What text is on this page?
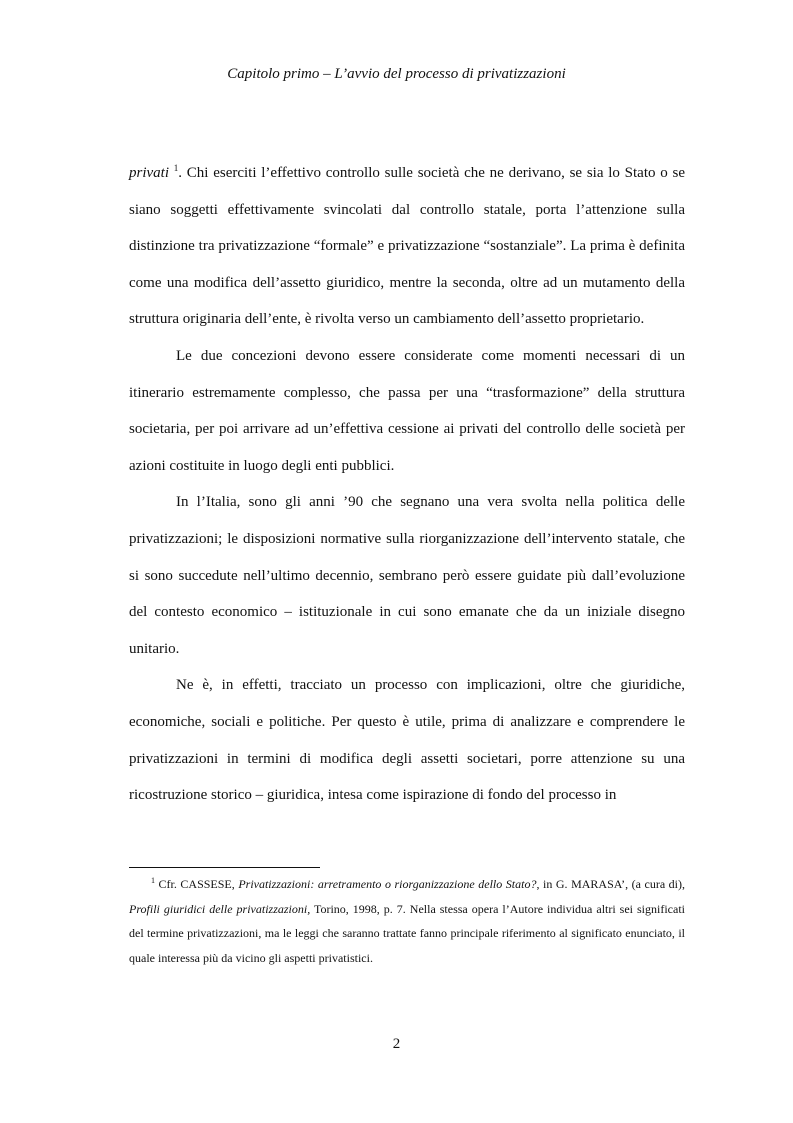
Capitolo primo – L’avvio del processo di privatizzazioni

privati $^1$. Chi eserciti l’effettivo controllo sulle società che ne derivano, se sia lo Stato o se siano soggetti effettivamente svincolati dal controllo statale, porta l’attenzione sulla distinzione tra privatizzazione “formale” e privatizzazione “sostanziale”. La prima è definita come una modifica dell’assetto giuridico, mentre la seconda, oltre ad un mutamento della struttura originaria dell’ente, è rivolta verso un cambiamento dell’assetto proprietario.

Le due concezioni devono essere considerate come momenti necessari di un itinerario estremamente complesso, che passa per una “trasformazione” della struttura societaria, per poi arrivare ad un’effettiva cessione ai privati del controllo delle società per azioni costituite in luogo degli enti pubblici.

In l’Italia, sono gli anni ’90 che segnano una vera svolta nella politica delle privatizzazioni; le disposizioni normative sulla riorganizzazione dell’intervento statale, che si sono succedute nell’ultimo decennio, sembrano però essere guidate più dall’evoluzione del contesto economico – istituzionale in cui sono emanate che da un iniziale disegno unitario.

Ne è, in effetti, tracciato un processo con implicazioni, oltre che giuridiche, economiche, sociali e politiche. Per questo è utile, prima di analizzare e comprendere le privatizzazioni in termini di modifica degli assetti societari, porre attenzione su una ricostruzione storico – giuridica, intesa come ispirazione di fondo del processo in

$^1$ Cfr. CASSESE, Privatizzazioni: arretramento o riorganizzazione dello Stato?, in G. MARASA’, (a cura di), Profili giuridici delle privatizzazioni, Torino, 1998, p. 7. Nella stessa opera l’Autore individua altri sei significati del termine privatizzazioni, ma le leggi che saranno trattate fanno principale riferimento al significato enunciato, il quale interessa più da vicino gli aspetti privatistici.

2
